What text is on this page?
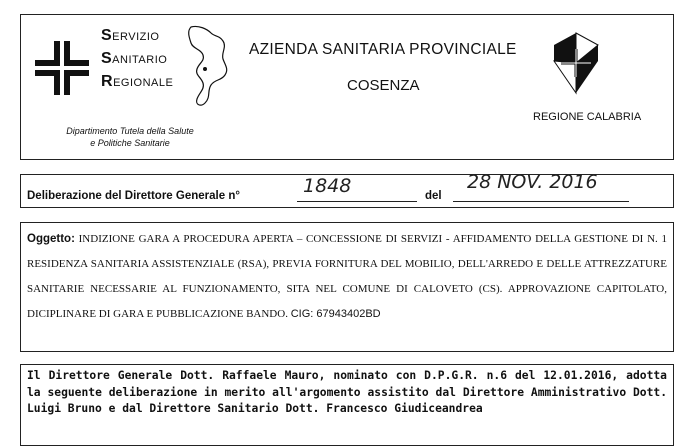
SERVIZIO
SANITARIO
REGIONALE
Dipartimento Tutela della Salute
e Politiche Sanitarie
AZIENDA SANITARIA PROVINCIALE
COSENZA
REGIONE CALABRIA
Deliberazione del Direttore Generale n°	1848	del
28 NOV. 2016
Oggetto: INDIZIONE GARA A PROCEDURA APERTA – CONCESSIONE DI SERVIZI - AFFIDAMENTO DELLA GESTIONE DI N. 1 RESIDENZA SANITARIA ASSISTENZIALE (RSA), PREVIA FORNITURA DEL MOBILIO, DELL'ARREDO E DELLE ATTREZZATURE SANITARIE NECESSARIE AL FUNZIONAMENTO, SITA NEL COMUNE DI CALOVETO (CS). APPROVAZIONE CAPITOLATO, DICIPLINARE DI GARA E PUBBLICAZIONE BANDO. CIG: 67943402BD
Il Direttore Generale Dott. Raffaele Mauro, nominato con D.P.G.R. n.6 del 12.01.2016, adotta la seguente deliberazione in merito all'argomento assistito dal Direttore Amministrativo Dott. Luigi Bruno e dal Direttore Sanitario Dott. Francesco Giudiceandrea
